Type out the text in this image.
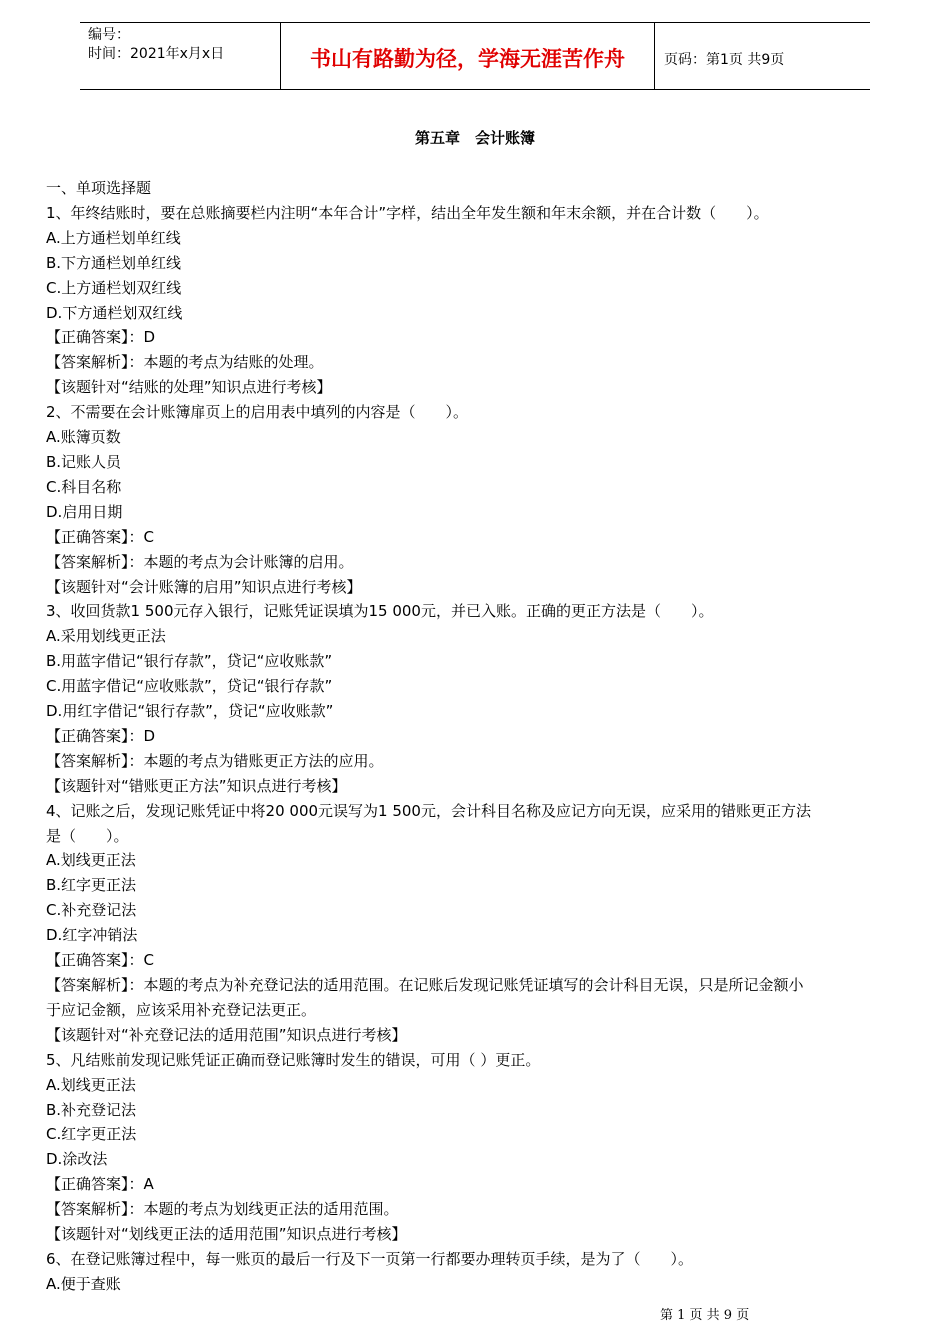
编号：
时间：2021年x月x日	书山有路勤为径，学海无涯苦作舟	页码：第1页 共9页
第五章　会计账簿

一、单项选择题

1、年终结账时，要在总账摘要栏内注明“本年合计”字样，结出全年发生额和年末余额，并在合计数（　　）。

A.上方通栏划单红线

B.下方通栏划单红线

C.上方通栏划双红线

D.下方通栏划双红线

【正确答案】：D

【答案解析】：本题的考点为结账的处理。

【该题针对“结账的处理”知识点进行考核】

2、不需要在会计账簿扉页上的启用表中填列的内容是（　　）。

A.账簿页数

B.记账人员

C.科目名称

D.启用日期

【正确答案】：C

【答案解析】：本题的考点为会计账簿的启用。

【该题针对“会计账簿的启用”知识点进行考核】

3、收回货款1 500元存入银行，记账凭证误填为15 000元，并已入账。正确的更正方法是（　　）。

A.采用划线更正法

B.用蓝字借记“银行存款”，贷记“应收账款”

C.用蓝字借记“应收账款”，贷记“银行存款”

D.用红字借记“银行存款”，贷记“应收账款”

【正确答案】：D

【答案解析】：本题的考点为错账更正方法的应用。

【该题针对“错账更正方法”知识点进行考核】

4、记账之后，发现记账凭证中将20 000元误写为1 500元，会计科目名称及应记方向无误，应采用的错账更正方法

是（　　）。

A.划线更正法

B.红字更正法

C.补充登记法

D.红字冲销法

【正确答案】：C

【答案解析】：本题的考点为补充登记法的适用范围。在记账后发现记账凭证填写的会计科目无误，只是所记金额小

于应记金额，应该采用补充登记法更正。

【该题针对“补充登记法的适用范围”知识点进行考核】

5、凡结账前发现记账凭证正确而登记账簿时发生的错误，可用（ ）更正。

A.划线更正法

B.补充登记法

C.红字更正法

D.涂改法

【正确答案】：A

【答案解析】：本题的考点为划线更正法的适用范围。

【该题针对“划线更正法的适用范围”知识点进行考核】

6、在登记账簿过程中，每一账页的最后一行及下一页第一行都要办理转页手续，是为了（　　）。

A.便于查账

第 1 页 共 9 页
